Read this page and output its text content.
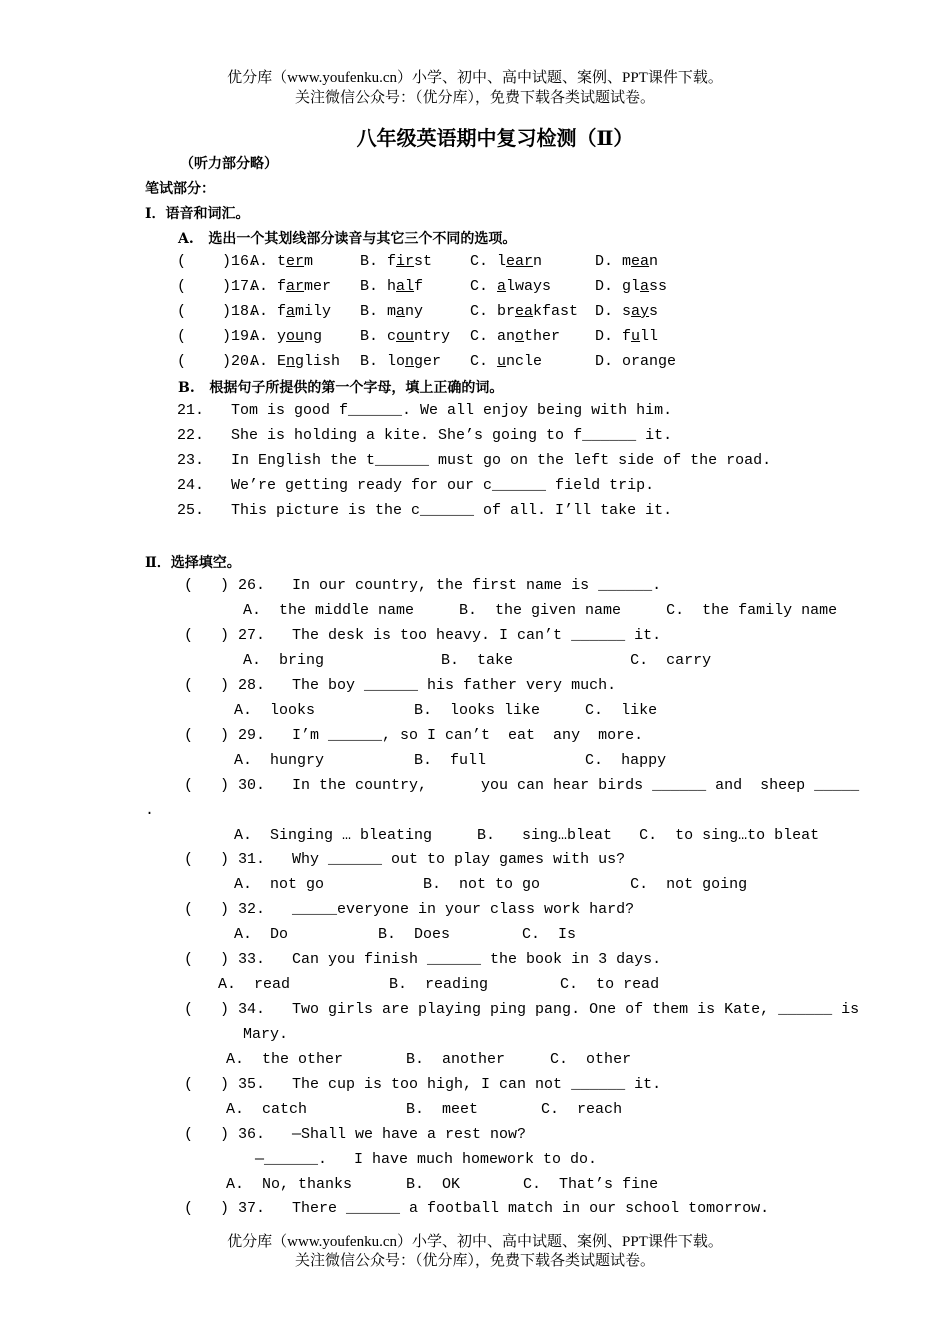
优分库（www.youfenku.cn）小学、初中、高中试题、案例、PPT课件下载。
关注微信公众号：（优分库），免费下载各类试题试卷。
八年级英语期中复习检测（Ⅱ）
（听力部分略）
笔试部分：
Ⅰ．语音和词汇。
A.   选出一个其划线部分读音与其它三个不同的选项。
(    )16.
A. term	B. first	C. learn	D. mean
(    )17.
A. farmer B. half	C. always	D. glass
(    )18.
A. family B. many	C. breakfast D. says
(    )19.
A. young	B. country C. another D. full
(    )20.
A. English B. longer C. uncle	D. orange
B.   根据句子所提供的第一个字母，填上正确的词。
21.   Tom is good f______. We all enjoy being with him.
22.   She is holding a kite. She’s going to f______ it.
23.   In English the t______ must go on the left side of the road.
24.   We’re getting ready for our c______ field trip.
25.   This picture is the c______ of all. I’ll take it.
Ⅱ．选择填空。
(   ) 26.   In our country, the first name is ______.
A.  the middle name     B.  the given name     C.  the family name
(   ) 27.   The desk is too heavy. I can’t ______ it.
A.  bring             B.  take             C.  carry
(   ) 28.   The boy ______ his father very much.
A.  looks           B.  looks like     C.  like
(   ) 29.   I’m ______, so I can’t  eat  any  more.
A.  hungry          B.  full           C.  happy
(   ) 30.   In the country,      you can hear birds ______ and  sheep _____
.
A.  Singing … bleating     B.   sing…bleat   C.  to sing…to bleat
(   ) 31.   Why ______ out to play games with us?
A.  not go           B.  not to go          C.  not going
(   ) 32.   _____everyone in your class work hard?
A.  Do          B.  Does        C.  Is
(   ) 33.   Can you finish ______ the book in 3 days.
A.  read           B.  reading        C.  to read
(   ) 34.   Two girls are playing ping pang. One of them is Kate, ______ is
Mary.
A.  the other       B.  another     C.  other
(   ) 35.   The cup is too high, I can not ______ it.
A.  catch           B.  meet       C.  reach
(   ) 36.   —Shall we have a rest now?
—______.   I have much homework to do.
A.  No, thanks      B.  OK       C.  That’s fine
(   ) 37.   There ______ a football match in our school tomorrow.
优分库（www.youfenku.cn）小学、初中、高中试题、案例、PPT课件下载。
关注微信公众号：（优分库），免费下载各类试题试卷。
